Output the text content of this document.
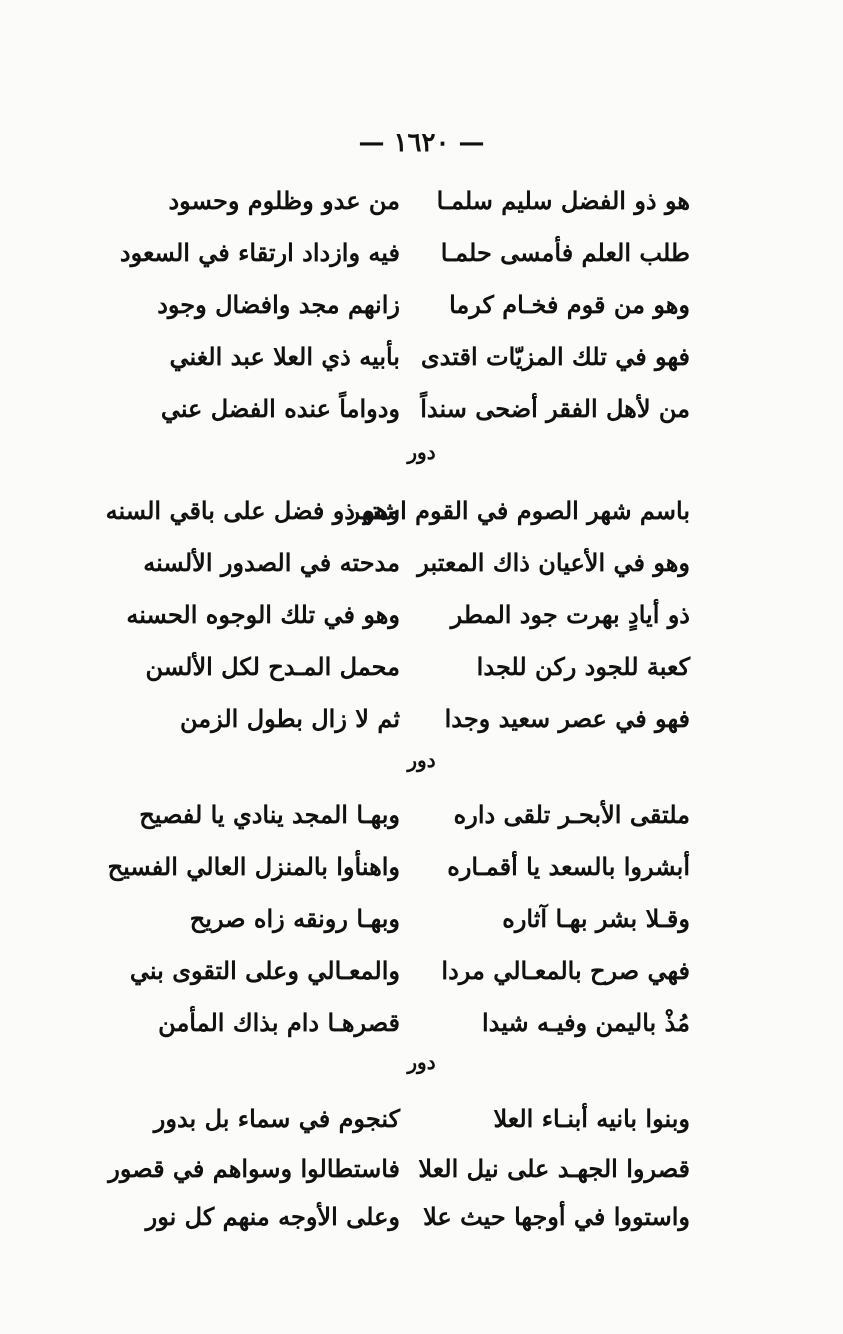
— ١٦٢٠ —
هو ذو الفضل سليم سلمـا
من عدو وظلوم وحسود
طلب العلم فأمسى حلمـا
فيه وازداد ارتقاء في السعود
وهو من قوم فخـام كرما
زانهم مجد وافضال وجود
فهو في تلك المزيّات اقتدى
بأبيه ذي العلا عبد الغني
من لأهل الفقر أضحى سنداً
ودواماً عنده الفضل عني
دور
باسم شهر الصوم في القوم اشتهر
وهو ذو فضل على باقي السنه
وهو في الأعيان ذاك المعتبر
مدحته في الصدور الألسنه
ذو أيادٍ بهرت جود المطر
وهو في تلك الوجوه الحسنه
كعبة للجود ركن للجدا
محمل المـدح لكل الألسن
فهو في عصر سعيد وجدا
ثم لا زال بطول الزمن
دور
ملتقى الأبحـر تلقى داره
وبهـا المجد ينادي يا لفصيح
أبشروا بالسعد يا أقمـاره
واهنأوا بالمنزل العالي الفسيح
وقـلا بشر بهـا آثاره
وبهـا رونقه زاه صريح
فهي صرح بالمعـالي مردا
والمعـالي وعلى التقوى بني
مُذْ باليمن وفيـه شيدا
قصرهـا دام بذاك المأمن
دور
وبنوا بانيه أبنـاء العلا
كنجوم في سماء بل بدور
قصروا الجهـد على نيل العلا
فاستطالوا وسواهم في قصور
واستووا في أوجها حيث علا
وعلى الأوجه منهم كل نور
